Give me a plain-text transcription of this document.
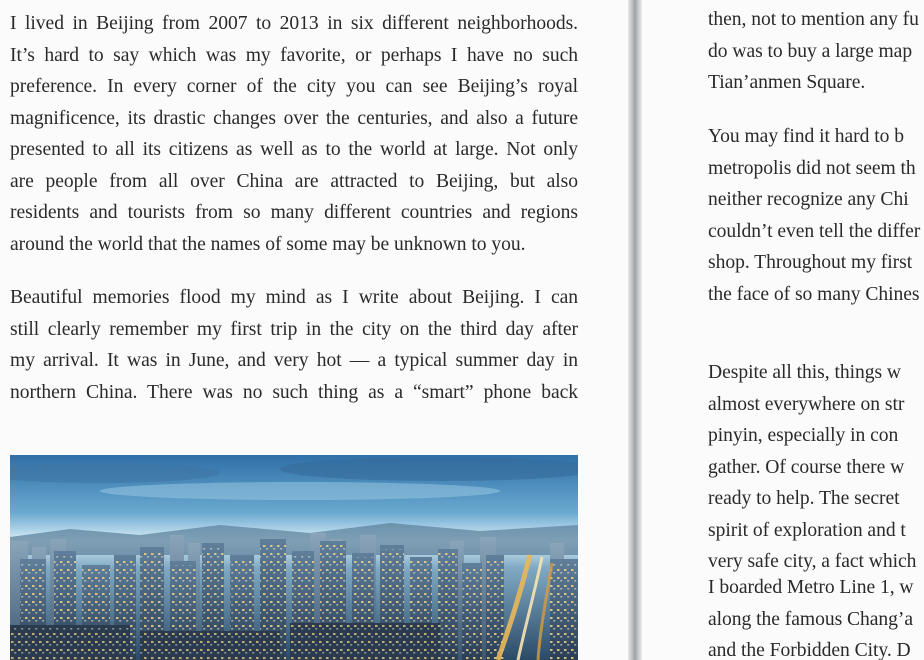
I lived in Beijing from 2007 to 2013 in six different neighborhoods.
It’s hard to say which was my favorite, or perhaps I have no such
preference. In every corner of the city you can see Beijing’s royal
magnificence, its drastic changes over the centuries, and also a future
presented to all its citizens as well as to the world at large. Not only
are people from all over China are attracted to Beijing, but also
residents and tourists from so many different countries and regions
around the world that the names of some may be unknown to you.

Beautiful memories flood my mind as I write about Beijing. I can
still clearly remember my first trip in the city on the third day after
my arrival. It was in June, and very hot — a typical summer day in
northern China. There was no such thing as a “smart” phone back

then, not to mention any fu
do was to buy a large map
Tian’anmen Square.

You may find it hard to b
metropolis did not seem th
neither recognize any Chi
couldn’t even tell the differ
shop. Throughout my first
the face of so many Chines

Despite all this, things w
almost everywhere on str
pinyin, especially in con
gather. Of course there w
ready to help. The secret
spirit of exploration and t
very safe city, a fact which

I boarded Metro Line 1, w
along the famous Chang’a
and the Forbidden City. D
